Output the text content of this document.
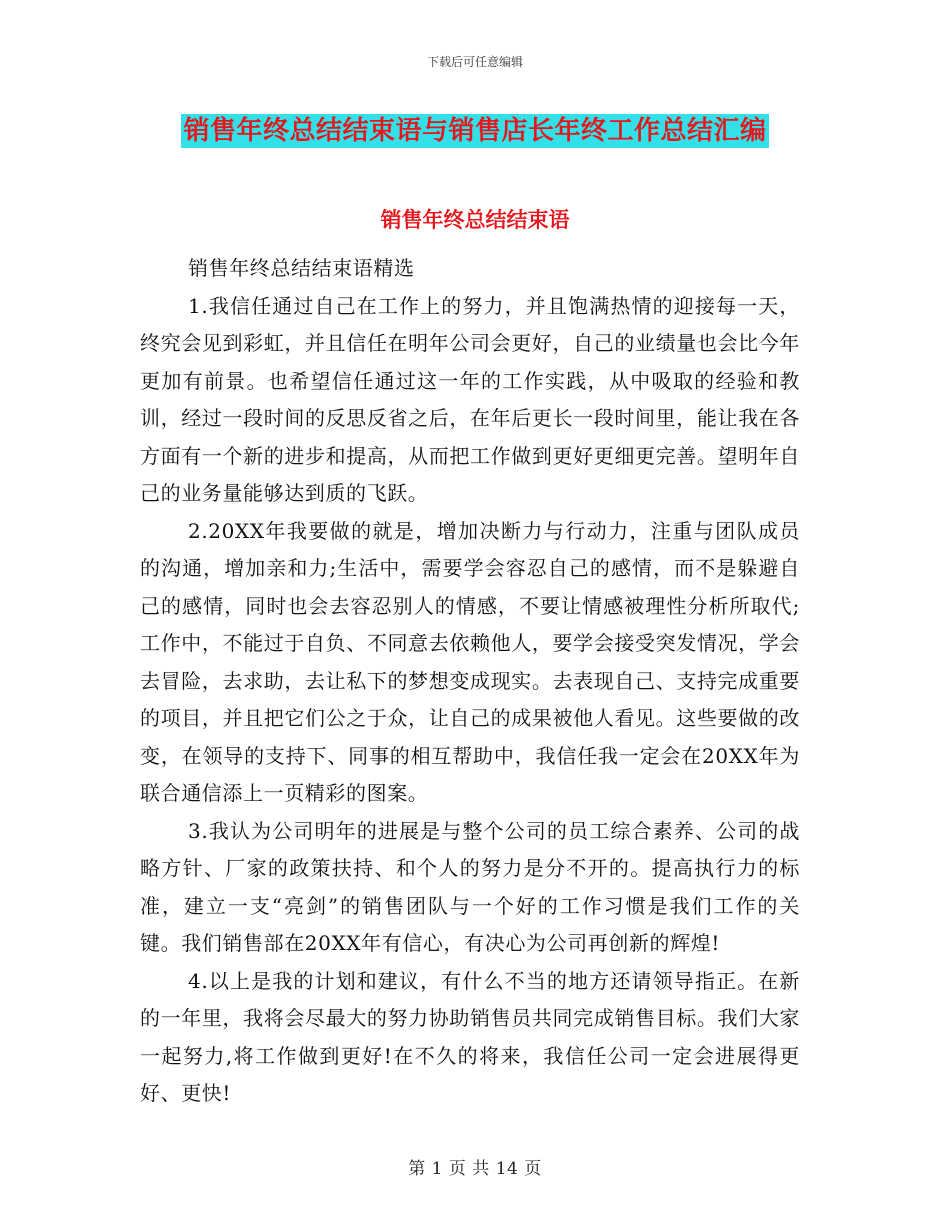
下载后可任意编辑
销售年终总结结束语与销售店长年终工作总结汇编
销售年终总结结束语

销售年终总结结束语精选

1.我信任通过自己在工作上的努力，并且饱满热情的迎接每一天，终究会见到彩虹，并且信任在明年公司会更好，自己的业绩量也会比今年更加有前景。也希望信任通过这一年的工作实践，从中吸取的经验和教训，经过一段时间的反思反省之后，在年后更长一段时间里，能让我在各方面有一个新的进步和提高，从而把工作做到更好更细更完善。望明年自己的业务量能够达到质的飞跃。

2.20XX年我要做的就是，增加决断力与行动力，注重与团队成员的沟通，增加亲和力;生活中，需要学会容忍自己的感情，而不是躲避自己的感情，同时也会去容忍别人的情感，不要让情感被理性分析所取代;工作中，不能过于自负、不同意去依赖他人，要学会接受突发情况，学会去冒险，去求助，去让私下的梦想变成现实。去表现自己、支持完成重要的项目，并且把它们公之于众，让自己的成果被他人看见。这些要做的改变，在领导的支持下、同事的相互帮助中，我信任我一定会在20XX年为联合通信添上一页精彩的图案。

3.我认为公司明年的进展是与整个公司的员工综合素养、公司的战略方针、厂家的政策扶持、和个人的努力是分不开的。提高执行力的标准，建立一支“亮剑”的销售团队与一个好的工作习惯是我们工作的关键。我们销售部在20XX年有信心，有决心为公司再创新的辉煌!

4.以上是我的计划和建议，有什么不当的地方还请领导指正。在新的一年里，我将会尽最大的努力协助销售员共同完成销售目标。我们大家一起努力,将工作做到更好!在不久的将来，我信任公司一定会进展得更好、更快!

第 1 页 共 14 页
